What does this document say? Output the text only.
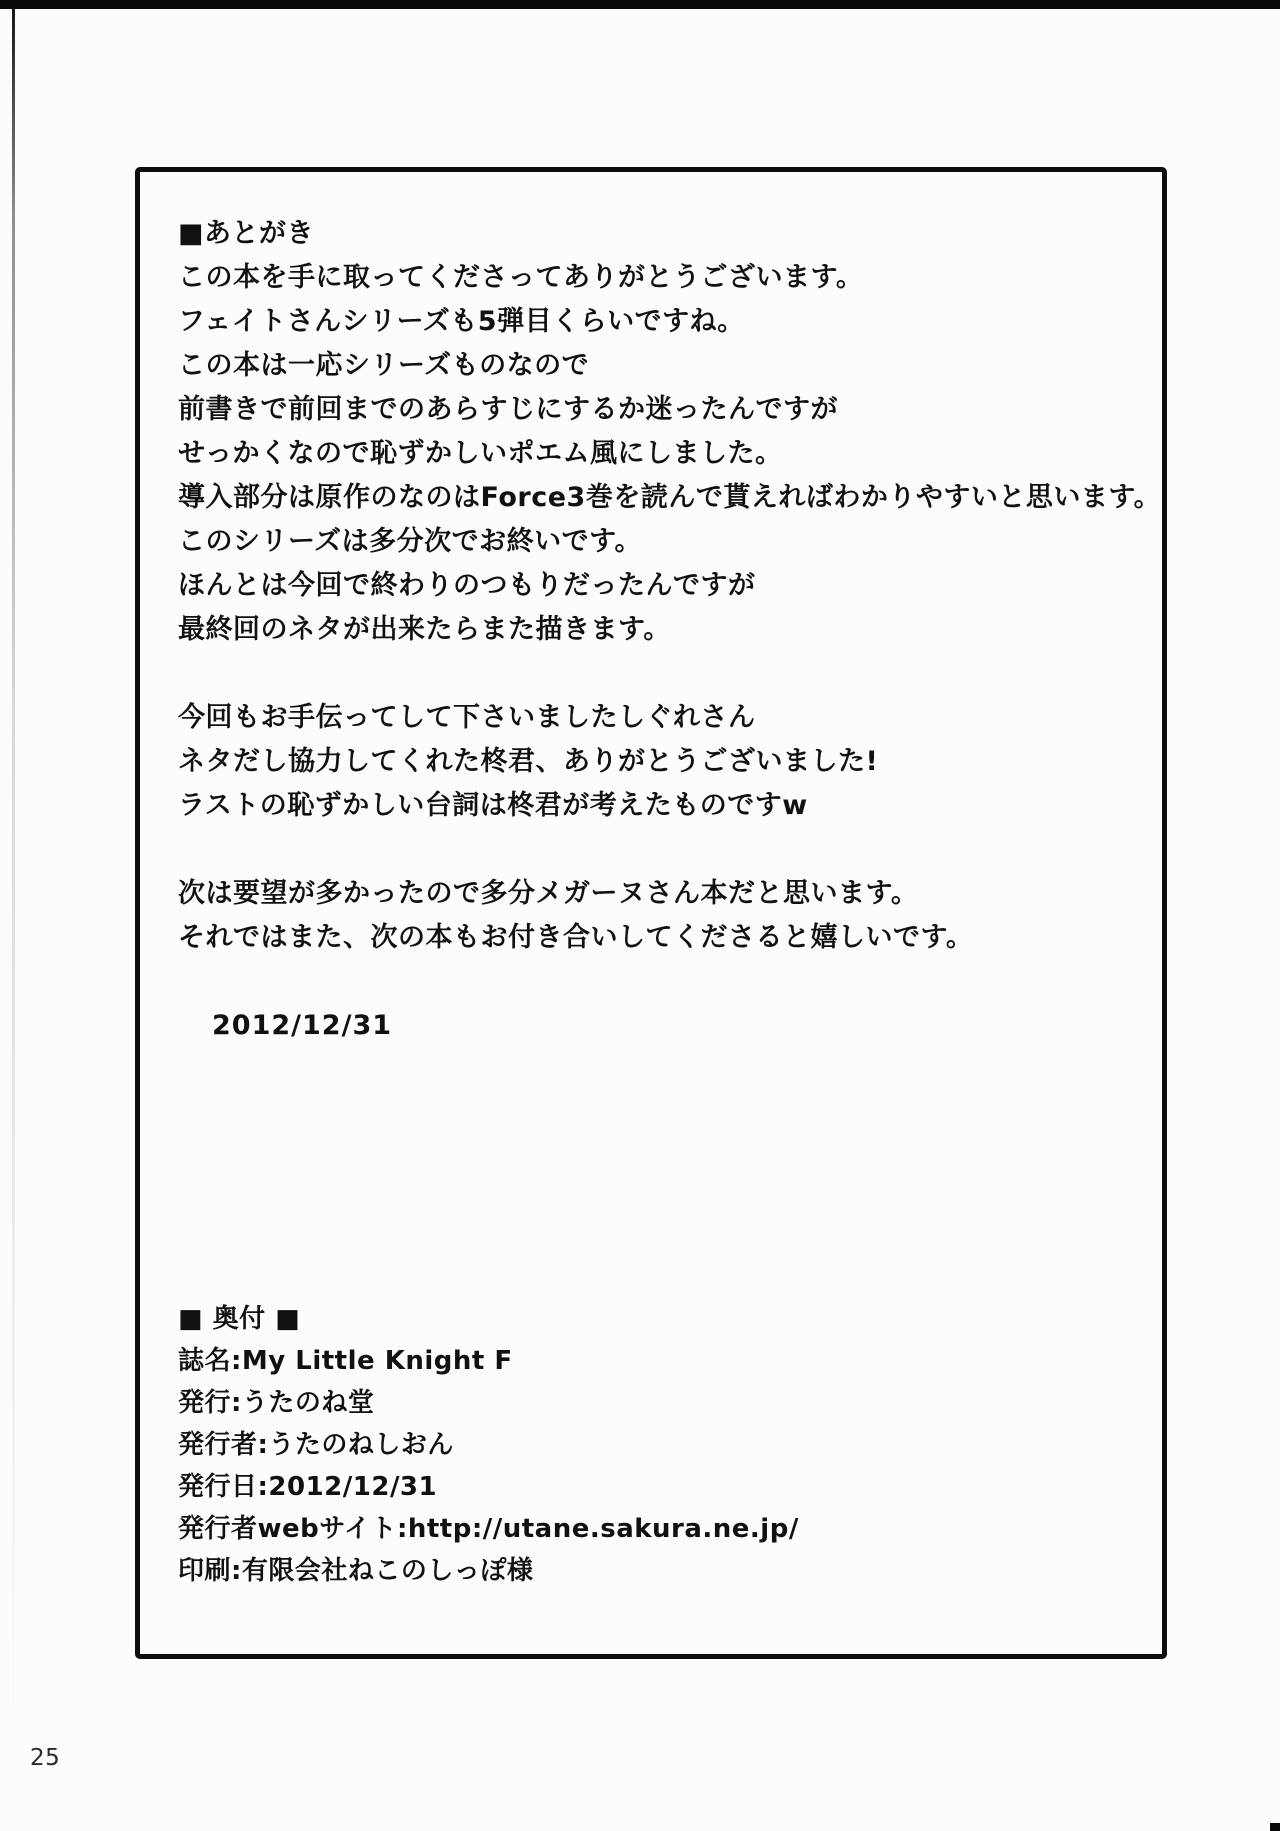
■あとがき
この本を手に取ってくださってありがとうございます。
フェイトさんシリーズも5弾目くらいですね。
この本は一応シリーズものなので
前書きで前回までのあらすじにするか迷ったんですが
せっかくなので恥ずかしいポエム風にしました。
導入部分は原作のなのはForce3巻を読んで貰えればわかりやすいと思います。
このシリーズは多分次でお終いです。
ほんとは今回で終わりのつもりだったんですが
最終回のネタが出来たらまた描きます。
今回もお手伝ってして下さいましたしぐれさん
ネタだし協力してくれた柊君、ありがとうございました!
ラストの恥ずかしい台詞は柊君が考えたものですw
次は要望が多かったので多分メガーヌさん本だと思います。
それではまた、次の本もお付き合いしてくださると嬉しいです。
2012/12/31
■ 奥付 ■
誌名:My Little Knight F
発行:うたのね堂
発行者:うたのねしおん
発行日:2012/12/31
発行者webサイト:http://utane.sakura.ne.jp/
印刷:有限会社ねこのしっぽ様
25
